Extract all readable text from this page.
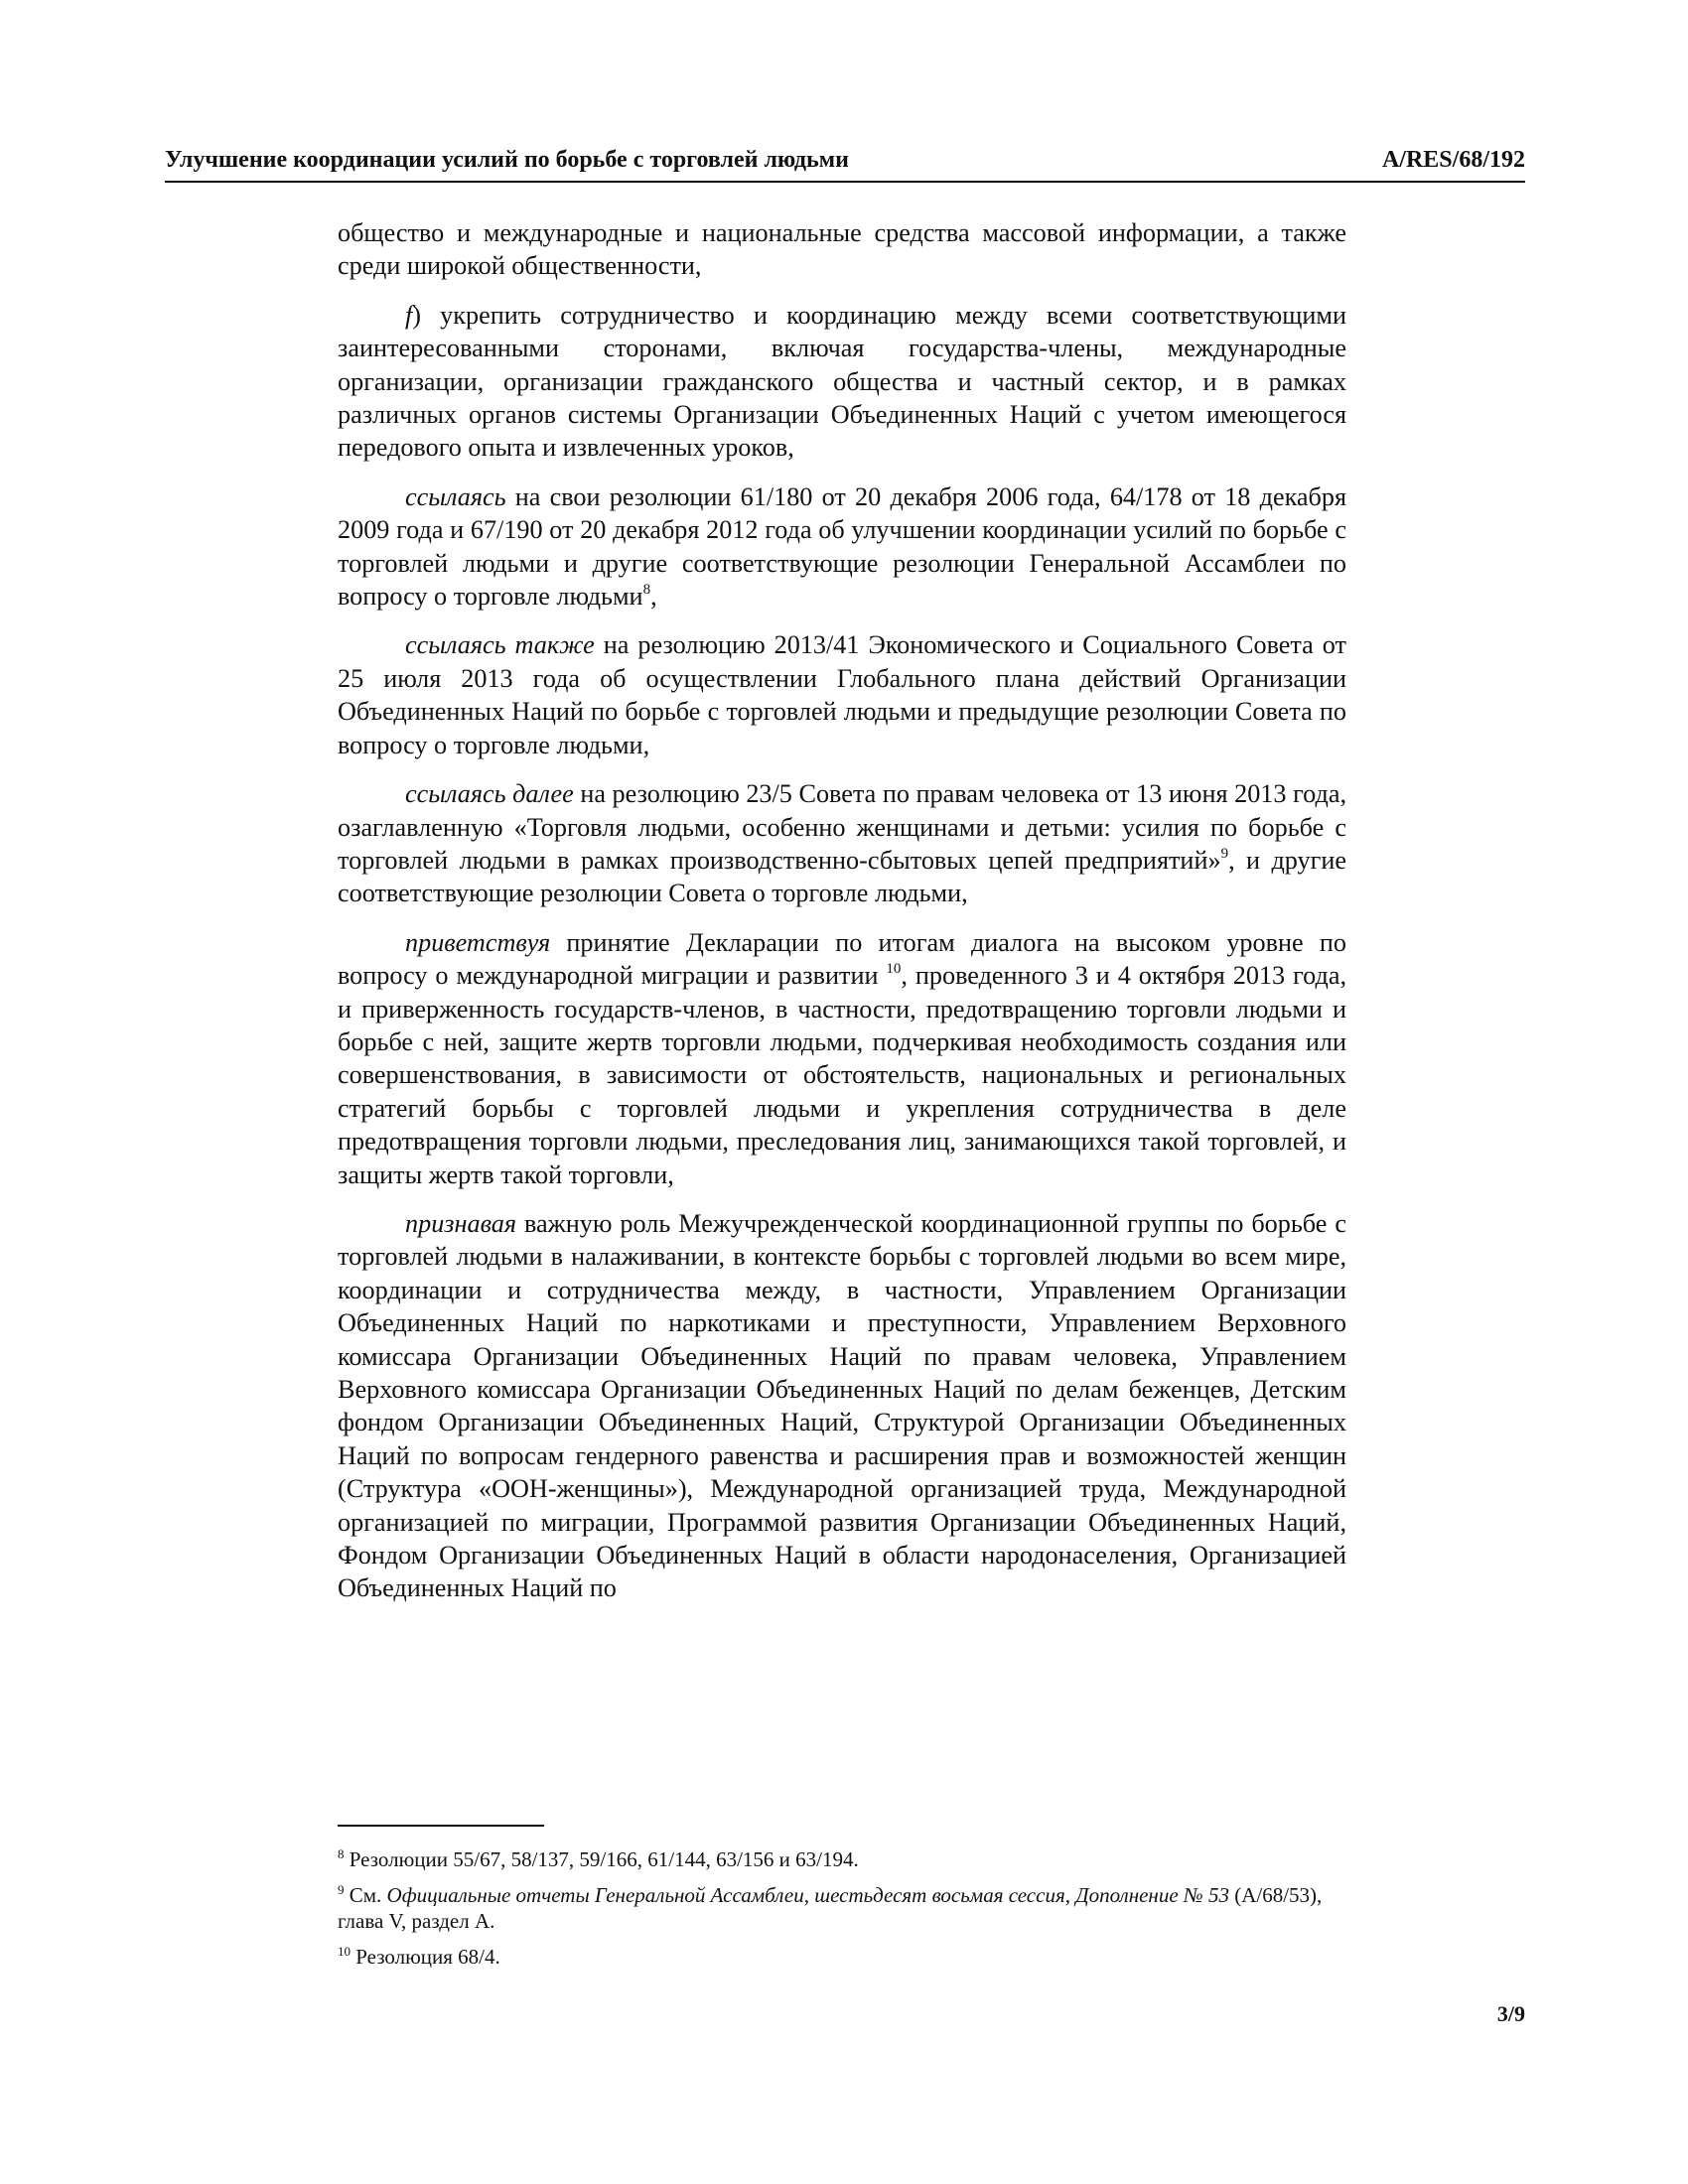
Улучшение координации усилий по борьбе с торговлей людьми	A/RES/68/192

общество и международные и национальные средства массовой информации, а также среди широкой общественности,

f) укрепить сотрудничество и координацию между всеми соответствующими заинтересованными сторонами, включая государства-члены, международные организации, организации гражданского общества и частный сектор, и в рамках различных органов системы Организации Объединенных Наций с учетом имеющегося передового опыта и извлеченных уроков,

ссылаясь на свои резолюции 61/180 от 20 декабря 2006 года, 64/178 от 18 декабря 2009 года и 67/190 от 20 декабря 2012 года об улучшении координации усилий по борьбе с торговлей людьми и другие соответствующие резолюции Генеральной Ассамблеи по вопросу о торговле людьми$^8$,

ссылаясь также на резолюцию 2013/41 Экономического и Социального Совета от 25 июля 2013 года об осуществлении Глобального плана действий Организации Объединенных Наций по борьбе с торговлей людьми и предыдущие резолюции Совета по вопросу о торговле людьми,

ссылаясь далее на резолюцию 23/5 Совета по правам человека от 13 июня 2013 года, озаглавленную «Торговля людьми, особенно женщинами и детьми: усилия по борьбе с торговлей людьми в рамках производственно-сбытовых цепей предприятий»$^9$, и другие соответствующие резолюции Совета о торговле людьми,

приветствуя принятие Декларации по итогам диалога на высоком уровне по вопросу о международной миграции и развитии $^{10}$, проведенного 3 и 4 октября 2013 года, и приверженность государств-членов, в частности, предотвращению торговли людьми и борьбе с ней, защите жертв торговли людьми, подчеркивая необходимость создания или совершенствования, в зависимости от обстоятельств, национальных и региональных стратегий борьбы с торговлей людьми и укрепления сотрудничества в деле предотвращения торговли людьми, преследования лиц, занимающихся такой торговлей, и защиты жертв такой торговли,

признавая важную роль Межучрежденческой координационной группы по борьбе с торговлей людьми в налаживании, в контексте борьбы с торговлей людьми во всем мире, координации и сотрудничества между, в частности, Управлением Организации Объединенных Наций по наркотиками и преступности, Управлением Верховного комиссара Организации Объединенных Наций по правам человека, Управлением Верховного комиссара Организации Объединенных Наций по делам беженцев, Детским фондом Организации Объединенных Наций, Структурой Организации Объединенных Наций по вопросам гендерного равенства и расширения прав и возможностей женщин (Структура «ООН-женщины»), Международной организацией труда, Международной организацией по миграции, Программой развития Организации Объединенных Наций, Фондом Организации Объединенных Наций в области народонаселения, Организацией Объединенных Наций по

$^8$ Резолюции 55/67, 58/137, 59/166, 61/144, 63/156 и 63/194.

$^9$ См. Официальные отчеты Генеральной Ассамблеи, шестьдесят восьмая сессия, Дополнение № 53 (A/68/53), глава V, раздел A.

$^{10}$ Резолюция 68/4.

3/9
